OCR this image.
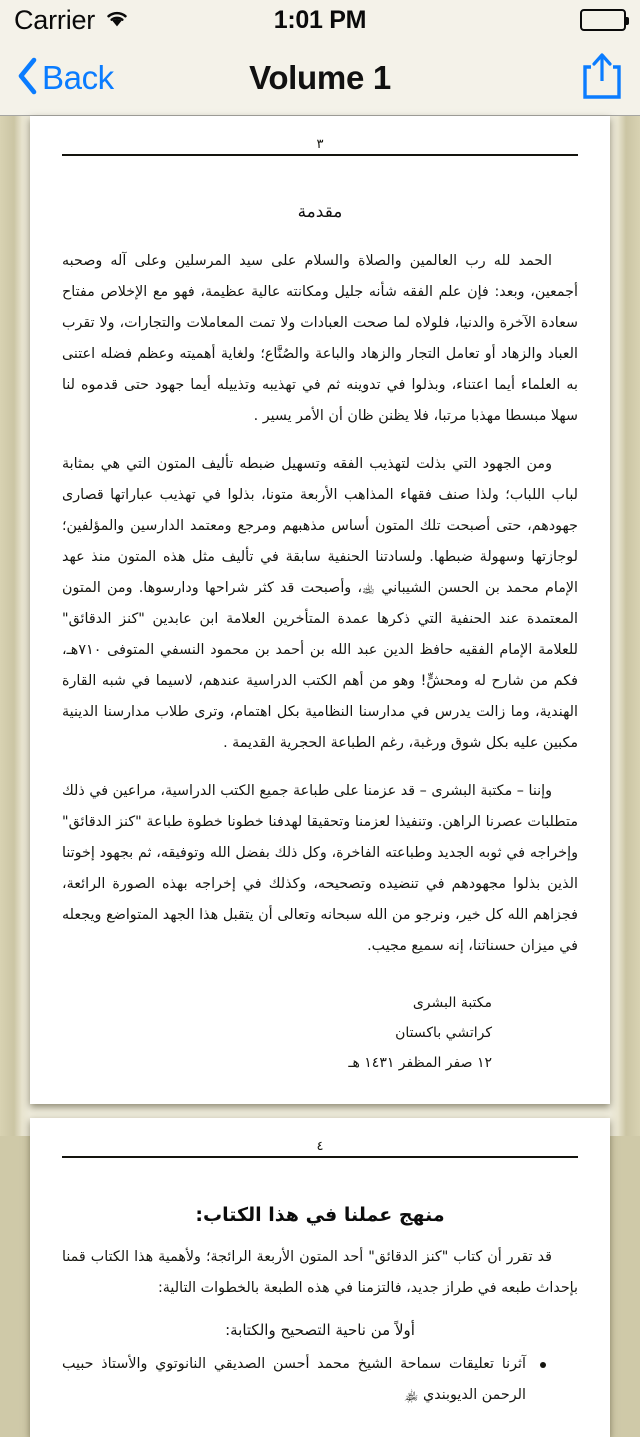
Carrier	1:01 PM
Back	Volume 1
٣
مقدمة

الحمد لله رب العالمين والصلاة والسلام على سيد المرسلين وعلى آله وصحبه أجمعين، وبعد: فإن علم الفقه شأنه جليل ومكانته عالية عظيمة، فهو مع الإخلاص مفتاح سعادة الآخرة والدنيا، فلولاه لما صحت العبادات ولا تمت المعاملات والتجارات، ولا تقرب العباد والزهاد أو تعامل التجار والزهاد والباعة والصُنَّاع؛ ولغاية أهميته وعظم فضله اعتنى به العلماء أيما اعتناء، وبذلوا في تدوينه ثم في تهذيبه وتذييله أيما جهود حتى قدموه لنا سهلا مبسطا مهذبا مرتبا، فلا يظنن ظان أن الأمر يسير .

ومن الجهود التي بذلت لتهذيب الفقه وتسهيل ضبطه تأليف المتون التي هي بمثابة لباب اللباب؛ ولذا صنف فقهاء المذاهب الأربعة متونا، بذلوا في تهذيب عباراتها قصارى جهودهم، حتى أصبحت تلك المتون أساس مذهبهم ومرجع ومعتمد الدارسين والمؤلفين؛ لوجازتها وسهولة ضبطها. ولسادتنا الحنفية سابقة في تأليف مثل هذه المتون منذ عهد الإمام محمد بن الحسن الشيباني ﵀، وأصبحت قد كثر شراحها ودارسوها. ومن المتون المعتمدة عند الحنفية التي ذكرها عمدة المتأخرين العلامة ابن عابدين "كنز الدقائق" للعلامة الإمام الفقيه حافظ الدين عبد الله بن أحمد بن محمود النسفي المتوفى ٧١٠هـ، فكم من شارح له ومحشٍّ! وهو من أهم الكتب الدراسية عندهم، لاسيما في شبه القارة الهندية، وما زالت يدرس في مدارسنا النظامية بكل اهتمام، وترى طلاب مدارسنا الدينية مكبين عليه بكل شوق ورغبة، رغم الطباعة الحجرية القديمة .

وإننا – مكتبة البشرى – قد عزمنا على طباعة جميع الكتب الدراسية، مراعين في ذلك متطلبات عصرنا الراهن. وتنفيذا لعزمنا وتحقيقا لهدفنا خطونا خطوة طباعة "كنز الدقائق" وإخراجه في ثوبه الجديد وطباعته الفاخرة، وكل ذلك بفضل الله وتوفيقه، ثم بجهود إخوتنا الذين بذلوا مجهودهم في تنضيده وتصحيحه، وكذلك في إخراجه بهذه الصورة الرائعة، فجزاهم الله كل خير، ونرجو من الله سبحانه وتعالى أن يتقبل هذا الجهد المتواضع ويجعله في ميزان حسناتنا، إنه سميع مجيب.

مكتبة البشرى
كراتشي باكستان
١٢ صفر المظفر ١٤٣١ هـ
٤
منهج عملنا في هذا الكتاب:

قد تقرر أن كتاب "كنز الدقائق" أحد المتون الأربعة الرائجة؛ ولأهمية هذا الكتاب قمنا بإحداث طبعه في طراز جديد، فالتزمنا في هذه الطبعة بالخطوات التالية:

أولاً من ناحية التصحيح والكتابة:
آثرنا تعليقات سماحة الشيخ محمد أحسن الصديقي النانوتوي والأستاذ حبيب الرحمن الديوبندي ﵏
